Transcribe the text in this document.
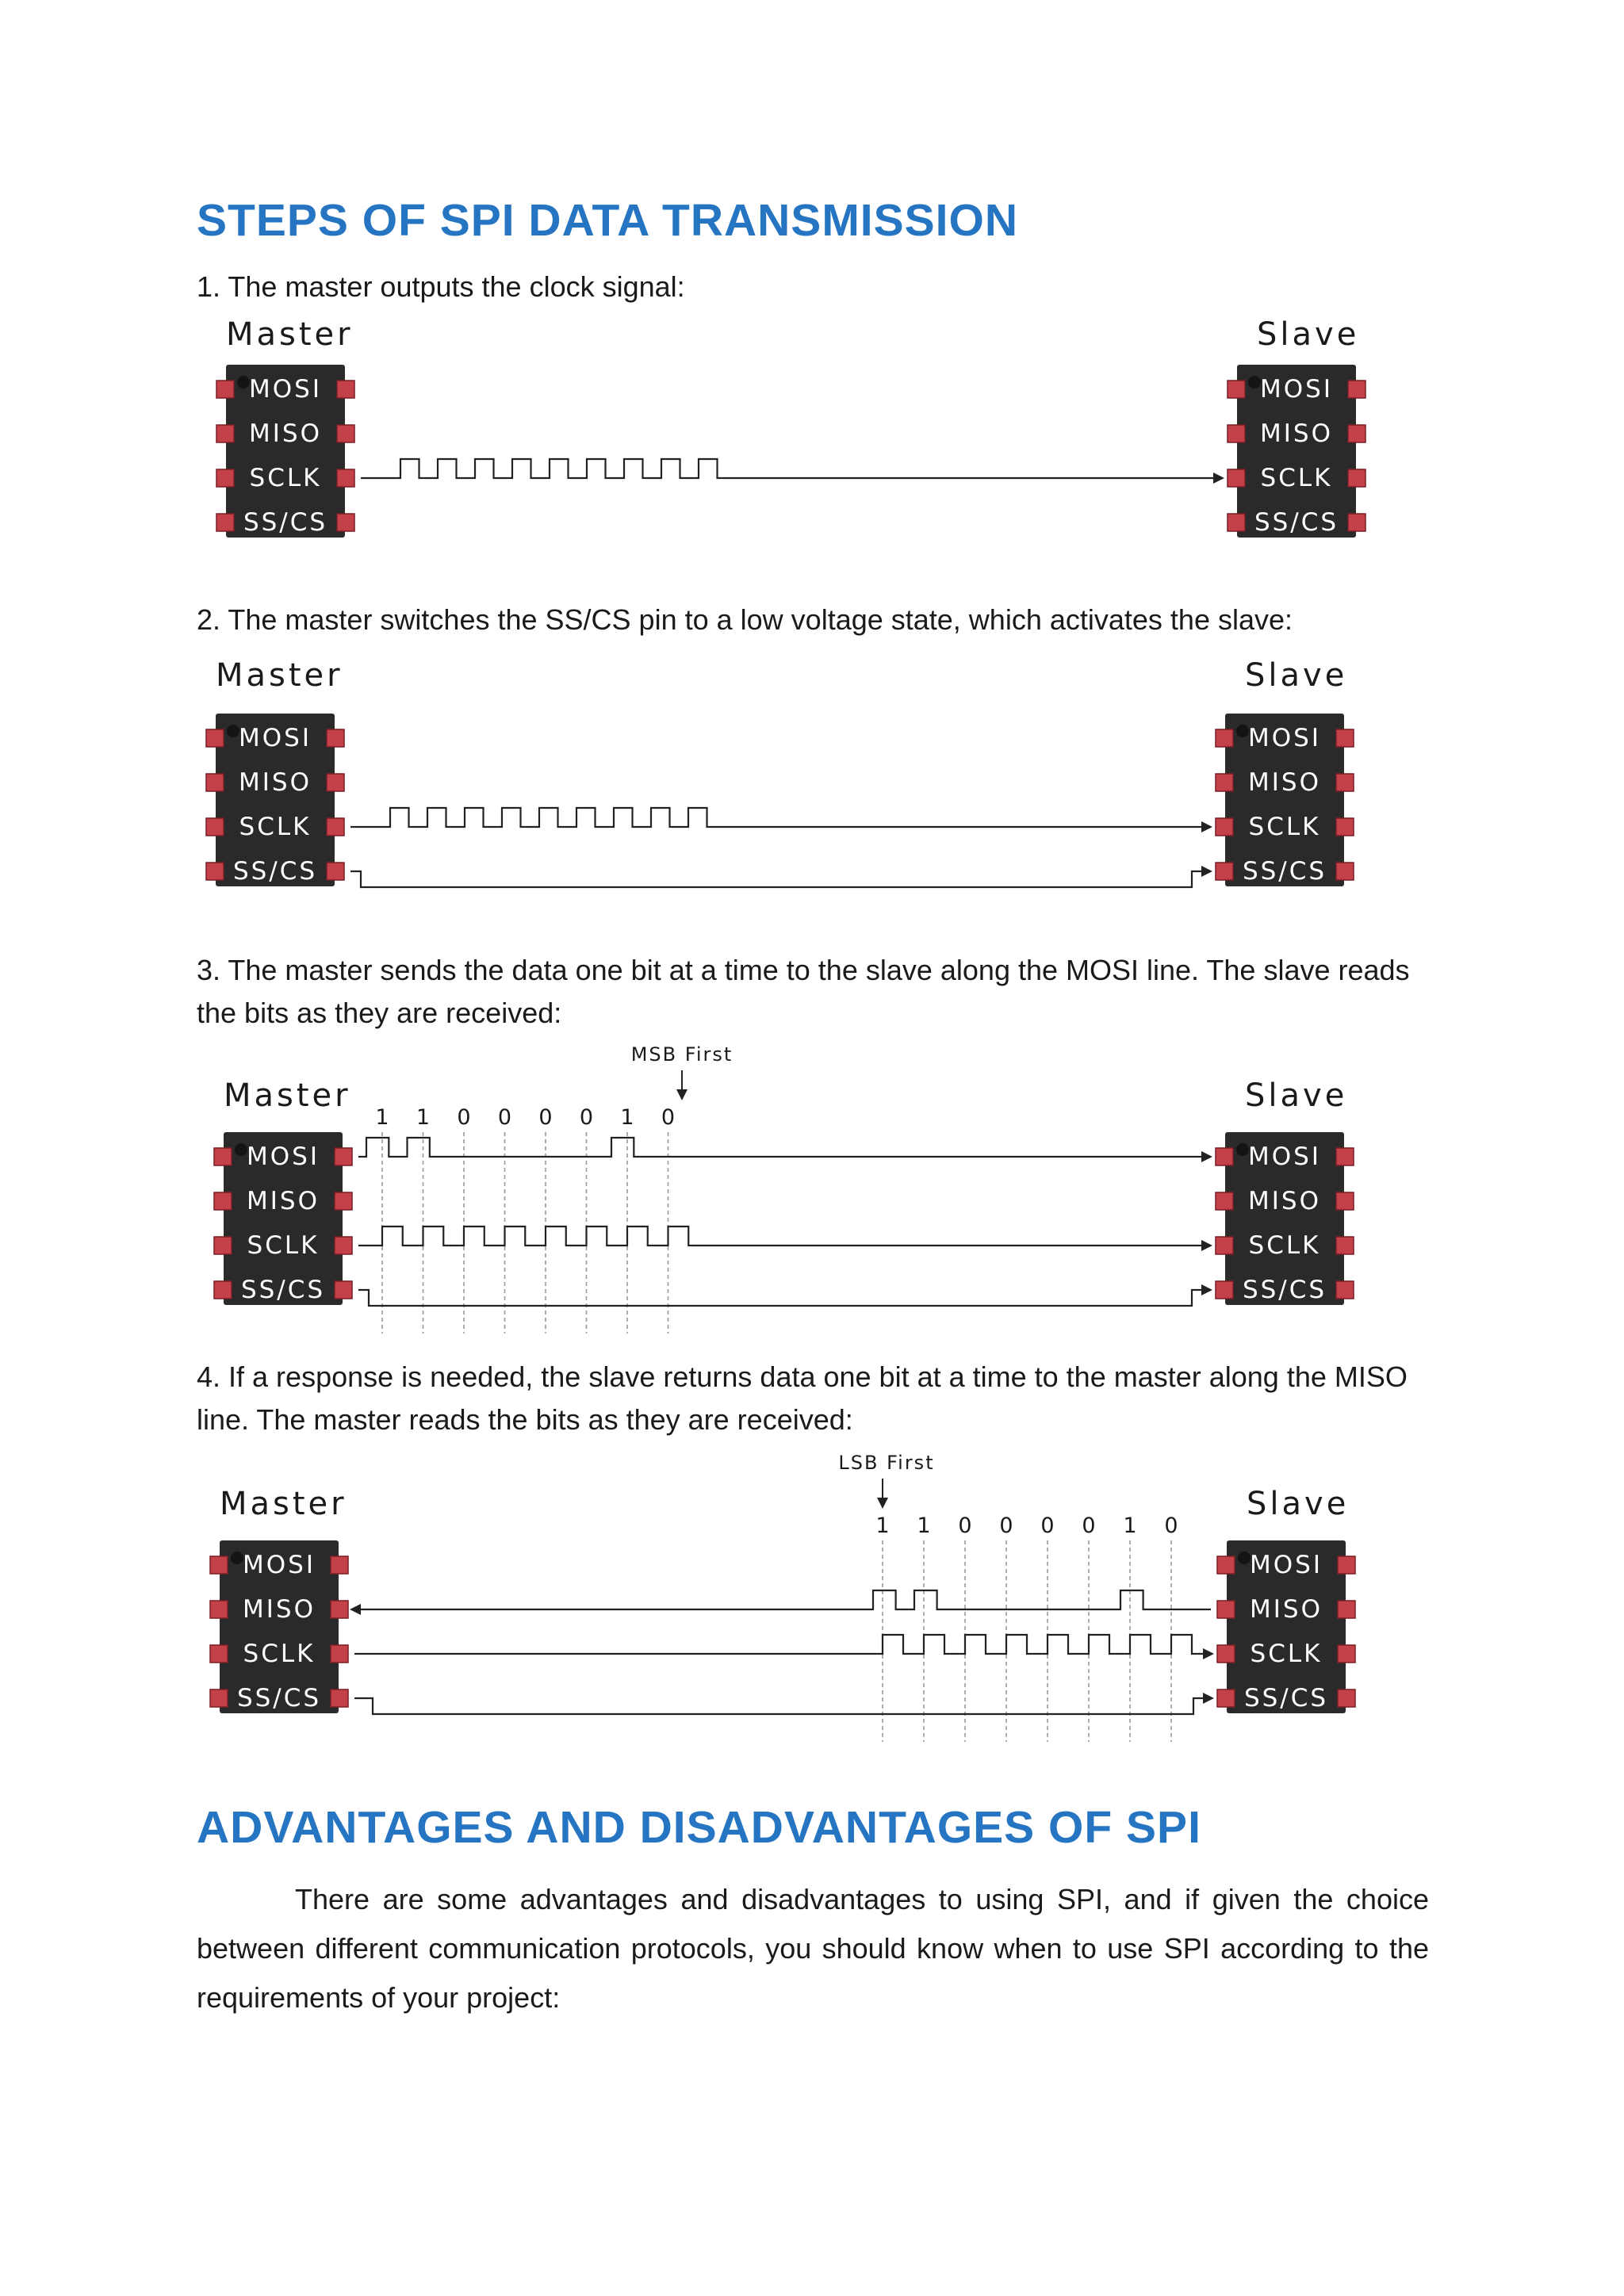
STEPS OF SPI DATA TRANSMISSION

1. The master outputs the clock signal:

Master
MOSI
MISO
SCLK
SS/CS
Slave
MOSI
MISO
SCLK
SS/CS

2. The master switches the SS/CS pin to a low voltage state, which activates the slave:

Master
MOSI
MISO
SCLK
SS/CS
Slave
MOSI
MISO
SCLK
SS/CS

3. The master sends the data one bit at a time to the slave along the MOSI line. The slave reads

the bits as they are received:

Master
MOSI
MISO
SCLK
SS/CS
Slave
MOSI
MISO
SCLK
SS/CS
MSB First
1 1 0 0 0 0 1 0

4. If a response is needed, the slave returns data one bit at a time to the master along the MISO

line. The master reads the bits as they are received:

Master
MOSI
MISO
SCLK
SS/CS
Slave
MOSI
MISO
SCLK
SS/CS
LSB First
1 1 0 0 0 0 1 0
ADVANTAGES AND DISADVANTAGES OF SPI

There are some advantages and disadvantages to using SPI, and if given the choice between different communication protocols, you should know when to use SPI according to the requirements of your project:
